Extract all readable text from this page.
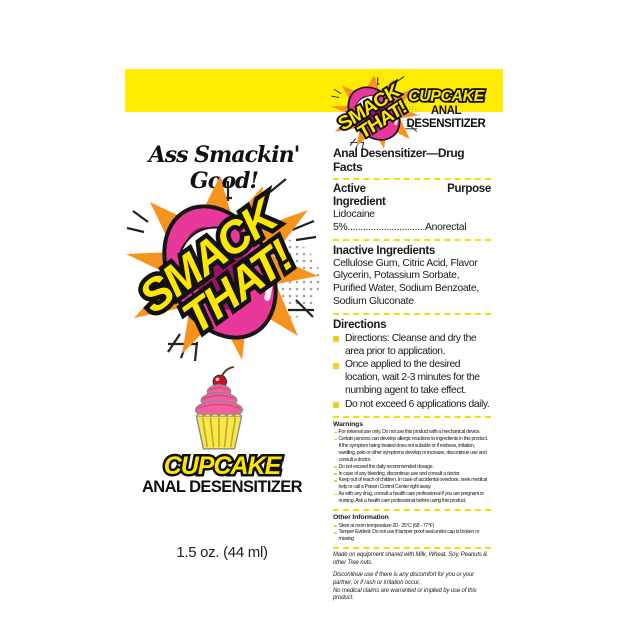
Ass Smackin' Good!
CUPCAKE
ANAL DESENSITIZER
1.5 oz. (44 ml)
CUPCAKE
ANAL
DESENSITIZER
Anal Desensitizer—Drug Facts
Active Ingredient
Purpose
Lidocaine
5%..............................Anorectal
Inactive Ingredients
Cellulose Gum, Citric Acid, Flavor Glycerin, Potassium Sorbate, Purified Water, Sodium Benzoate, Sodium Gluconate
Directions
Directions: Cleanse and dry the area prior to application.
Once applied to the desired location, wait 2-3 minutes for the numbing agent to take effect.
Do not exceed 6 applications daily.
Warnings
For external use only. Do not use this product with a mechanical device.
Certain persons can develop allergic reactions to ingredients in this product. If the symptom being treated does not subside or if redness, irritation, swelling, pain or other symptoms develop or increase, discontinue use and consult a doctor.
Do not exceed the daily recommended dosage.
In case of any bleeding, discontinue use and consult a doctor.
Keep out of reach of children. In case of accidental overdose, seek medical help or call a Poison Control Center right away.
As with any drug, consult a health care professional if you are pregnant or nursing. Ask a health care professional before using this product.
Other Information
Store at room temperature 20 - 25°C (68 - 77°F)
Tamper Evident: Do not use if tamper proof seal under cap is broken or missing

Made on equipment shared with Milk, Wheat, Soy, Peanuts & other Tree nuts.

Discontinue use if there is any discomfort for you or your partner, or if rash or irritation occur.
No medical claims are warranted or implied by use of this product.
